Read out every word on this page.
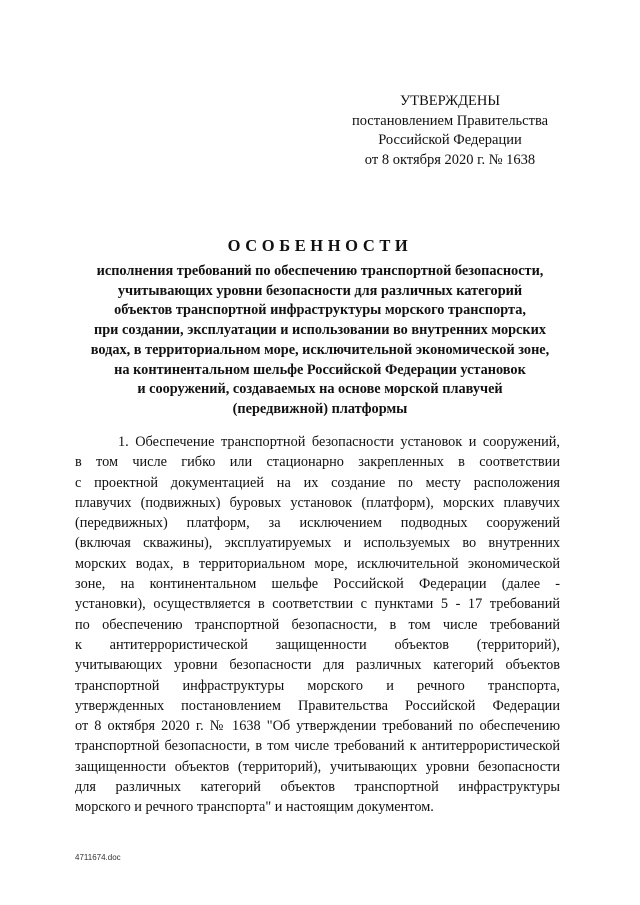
УТВЕРЖДЕНЫ
постановлением Правительства
Российской Федерации
от 8 октября 2020 г. № 1638
ОСОБЕННОСТИ
исполнения требований по обеспечению транспортной безопасности,
учитывающих уровни безопасности для различных категорий
объектов транспортной инфраструктуры морского транспорта,
при создании, эксплуатации и использовании во внутренних морских
водах, в территориальном море, исключительной экономической зоне,
на континентальном шельфе Российской Федерации установок
и сооружений, создаваемых на основе морской плавучей
(передвижной) платформы
1. Обеспечение транспортной безопасности установок и сооружений,
в том числе гибко или стационарно закрепленных в соответствии
с проектной документацией на их создание по месту расположения
плавучих (подвижных) буровых установок (платформ), морских плавучих
(передвижных) платформ, за исключением подводных сооружений
(включая скважины), эксплуатируемых и используемых во внутренних
морских водах, в территориальном море, исключительной экономической
зоне, на континентальном шельфе Российской Федерации (далее -
установки), осуществляется в соответствии с пунктами 5 - 17 требований
по обеспечению транспортной безопасности, в том числе требований
к антитеррористической защищенности объектов (территорий),
учитывающих уровни безопасности для различных категорий объектов
транспортной инфраструктуры морского и речного транспорта,
утвержденных постановлением Правительства Российской Федерации
от 8 октября 2020 г. № 1638 "Об утверждении требований по обеспечению
транспортной безопасности, в том числе требований к антитеррористической
защищенности объектов (территорий), учитывающих уровни безопасности
для различных категорий объектов транспортной инфраструктуры
морского и речного транспорта" и настоящим документом.
4711674.doc
